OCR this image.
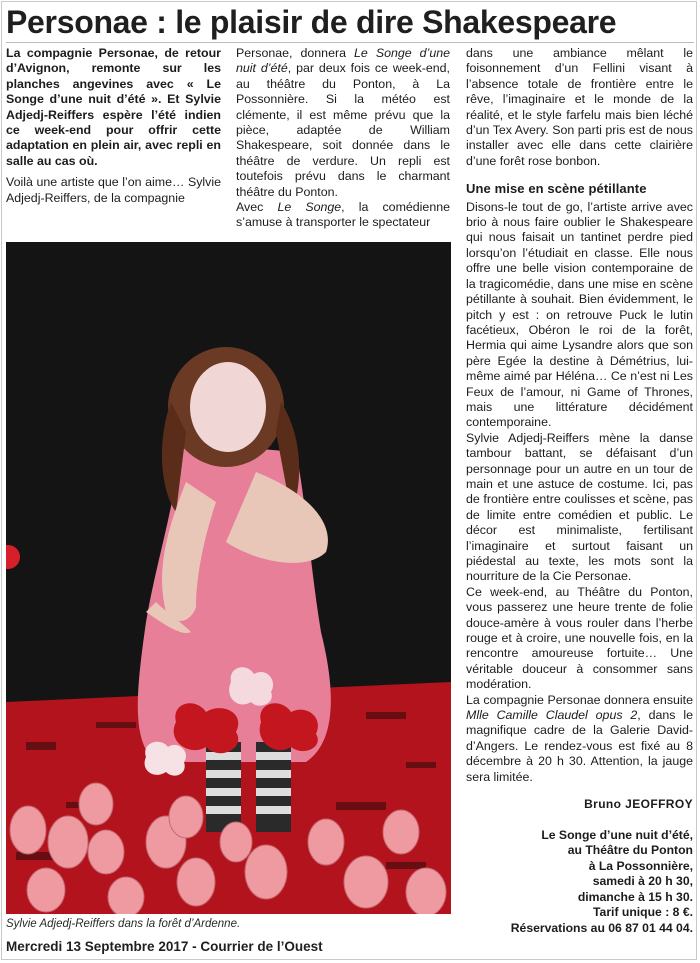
Personae : le plaisir de dire Shakespeare

La compagnie Personae, de retour d’Avignon, remonte sur les planches angevines avec « Le Songe d’une nuit d’été ». Et Sylvie Adjedj-Reiffers espère l’été indien ce week-end pour offrir cette adaptation en plein air, avec repli en salle au cas où.

Voilà une artiste que l’on aime… Sylvie Adjedj-Reiffers, de la compagnie

Personae, donnera Le Songe d’une nuit d’été, par deux fois ce week-end, au théâtre du Ponton, à La Possonnière. Si la météo est clémente, il est même prévu que la pièce, adaptée de William Shakespeare, soit donnée dans le théâtre de verdure. Un repli est toutefois prévu dans le charmant théâtre du Ponton.

Avec Le Songe, la comédienne s’amuse à transporter le spectateur

dans une ambiance mêlant le foisonnement d’un Fellini visant à l’absence totale de frontière entre le rêve, l’imaginaire et le monde de la réalité, et le style farfelu mais bien léché d’un Tex Avery. Son parti pris est de nous installer avec elle dans cette clairière d’une forêt rose bonbon.

Une mise en scène pétillante

Disons-le tout de go, l’artiste arrive avec brio à nous faire oublier le Shakespeare qui nous faisait un tantinet perdre pied lorsqu’on l’étudiait en classe. Elle nous offre une belle vision contemporaine de la tragicomédie, dans une mise en scène pétillante à souhait. Bien évidemment, le pitch y est : on retrouve Puck le lutin facétieux, Obéron le roi de la forêt, Hermia qui aime Lysandre alors que son père Egée la destine à Démétrius, lui-même aimé par Héléna… Ce n’est ni Les Feux de l’amour, ni Game of Thrones, mais une littérature décidément contemporaine.

Sylvie Adjedj-Reiffers mène la danse tambour battant, se défaisant d’un personnage pour un autre en un tour de main et une astuce de costume. Ici, pas de frontière entre coulisses et scène, pas de limite entre comédien et public. Le décor est minimaliste, fertilisant l’imaginaire et surtout faisant un piédestal au texte, les mots sont la nourriture de la Cie Personae.

Ce week-end, au Théâtre du Ponton, vous passerez une heure trente de folie douce-amère à vous rouler dans l’herbe rouge et à croire, une nouvelle fois, en la rencontre amoureuse fortuite… Une véritable douceur à consommer sans modération.

La compagnie Personae donnera ensuite Mlle Camille Claudel opus 2, dans le magnifique cadre de la Galerie David-d’Angers. Le rendez-vous est fixé au 8 décembre à 20 h 30. Attention, la jauge sera limitée.

Bruno JEOFFROY

Le Songe d’une nuit d’été,
au Théâtre du Ponton
à La Possonnière,
samedi à 20 h 30,
dimanche à 15 h 30.
Tarif unique : 8 €.
Réservations au 06 87 01 44 04.
Sylvie Adjedj-Reiffers dans la forêt d’Ardenne.
Mercredi 13 Septembre 2017 - Courrier de l’Ouest
